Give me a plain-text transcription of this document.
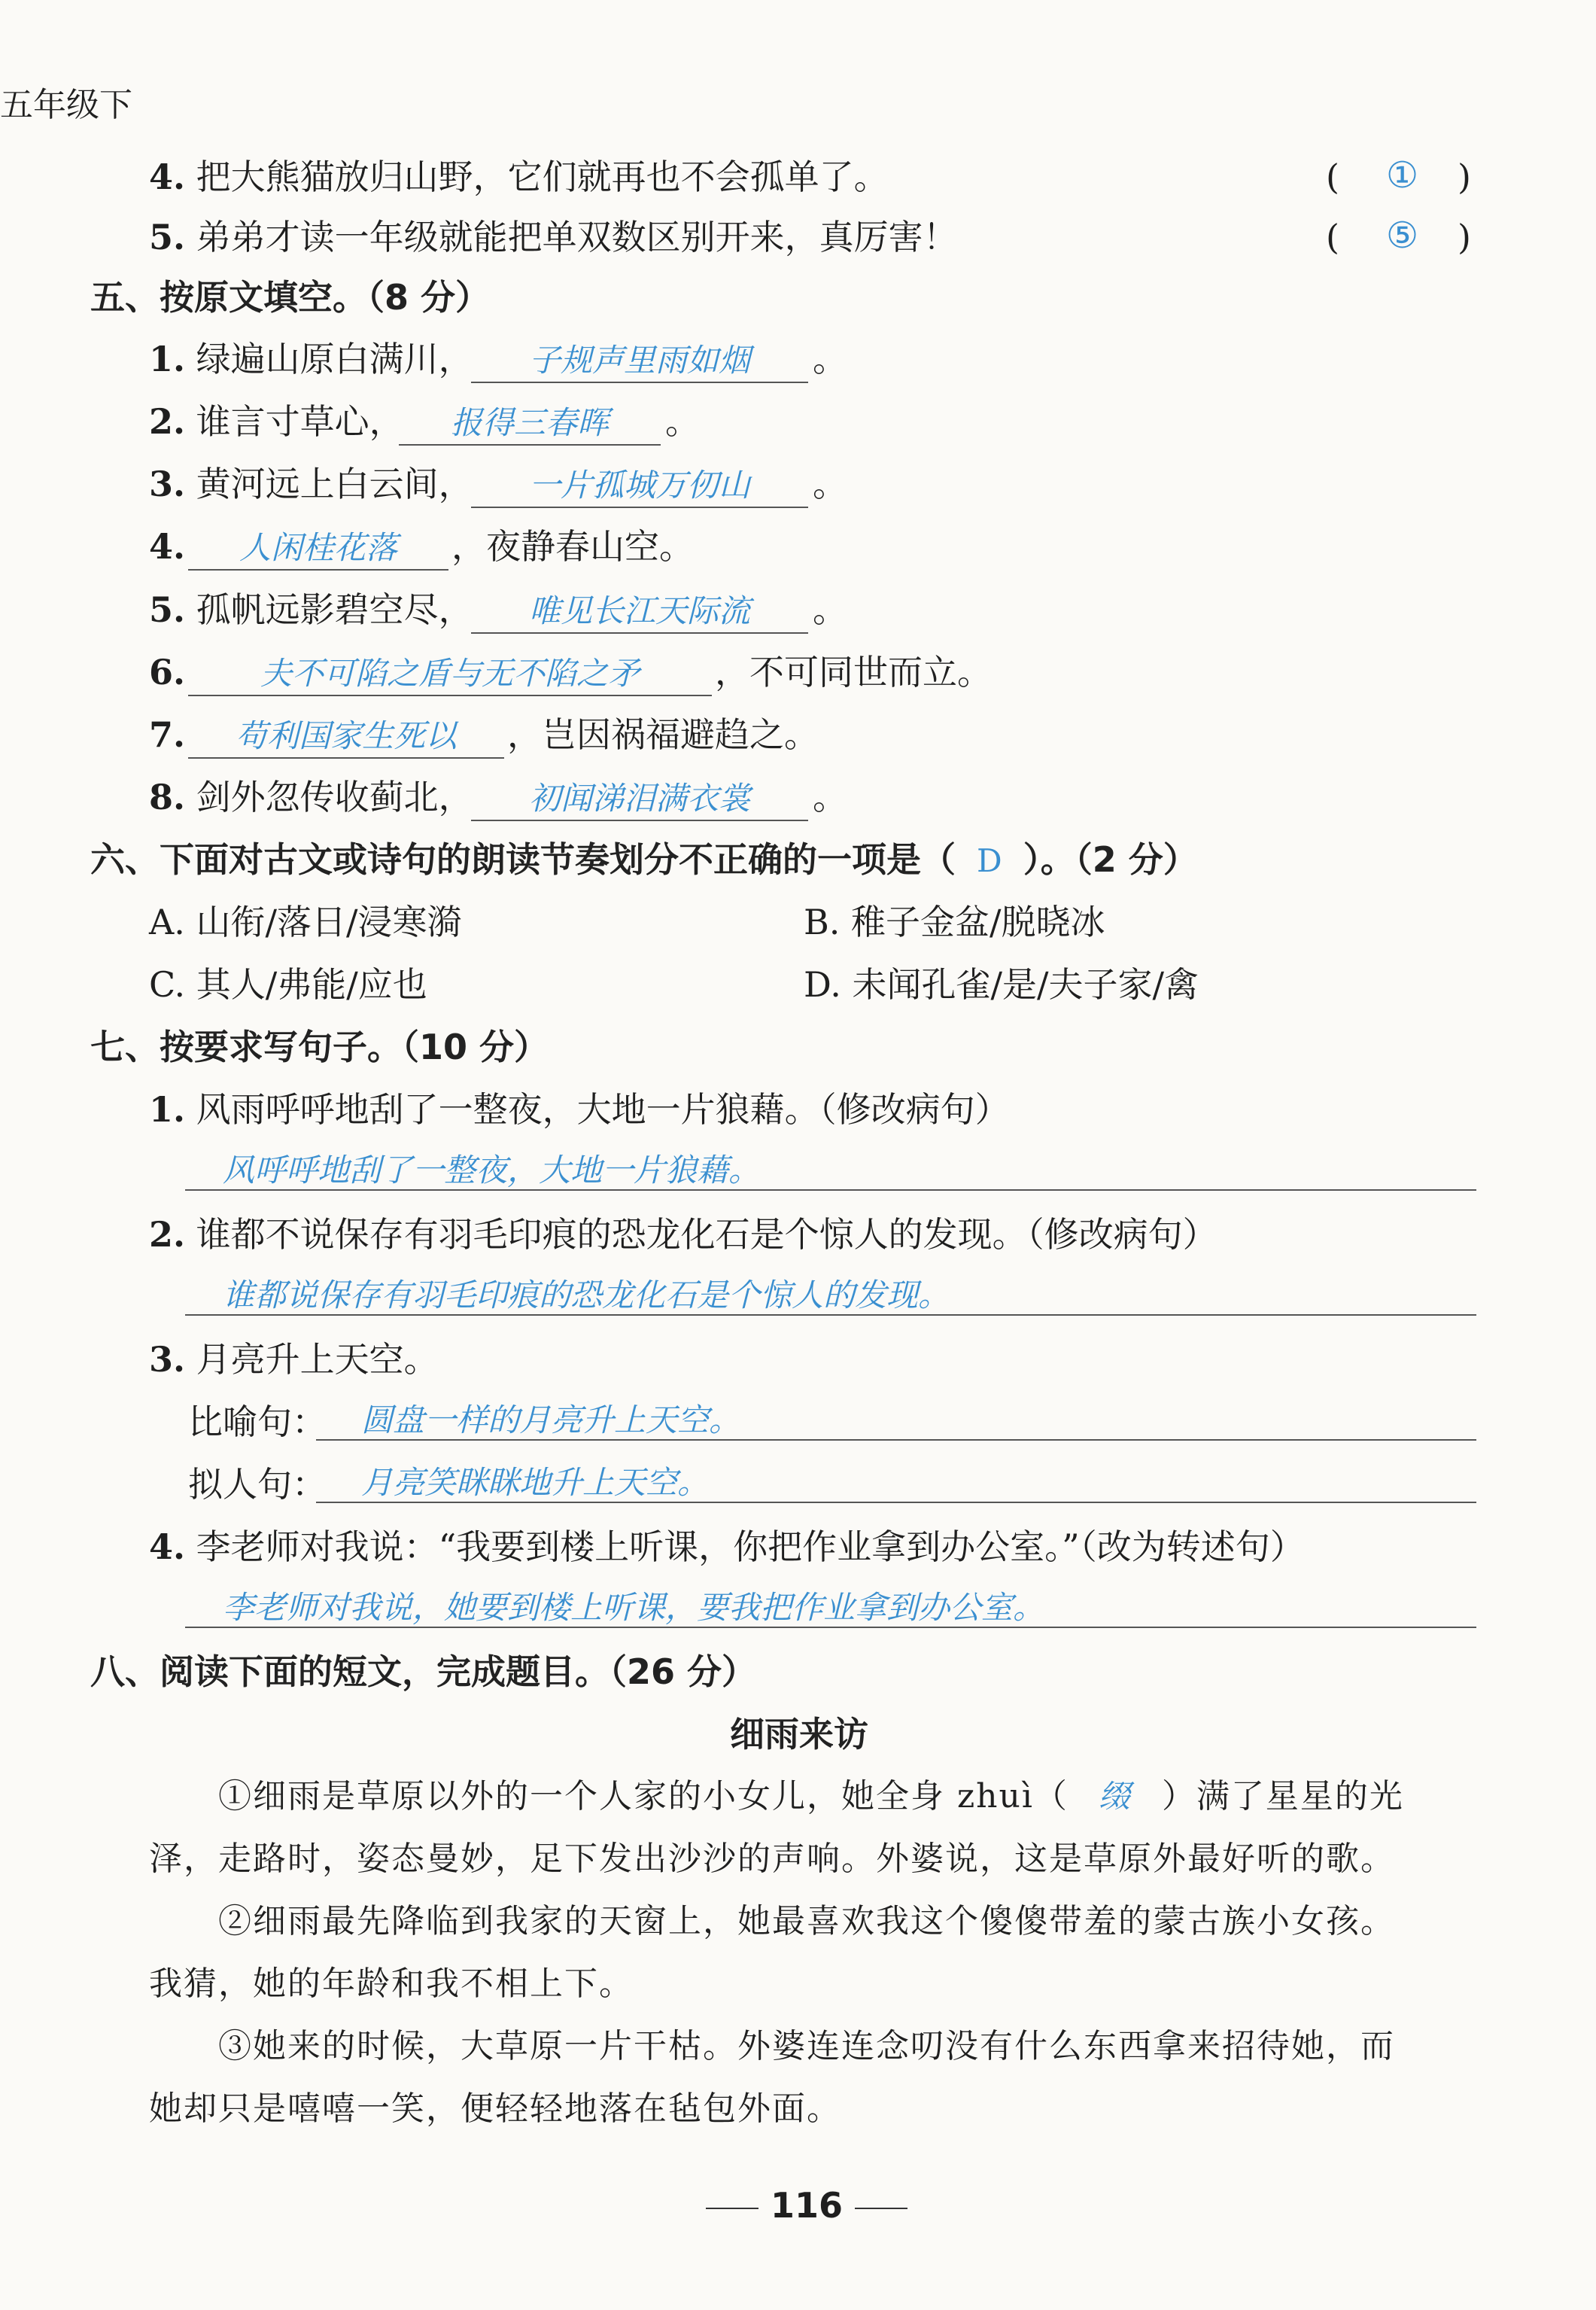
五年级下
4. 把大熊猫放归山野，它们就再也不会孤单了。	( ① )
5. 弟弟才读一年级就能把单双数区别开来，真厉害！	( ⑤ )
五、按原文填空。（8 分）
1. 绿遍山原白满川，	子规声里雨如烟	。
2. 谁言寸草心，	报得三春晖	。
3. 黄河远上白云间，	一片孤城万仞山	。
4.	人闲桂花落	，夜静春山空。
5. 孤帆远影碧空尽，	唯见长江天际流	。
6.	夫不可陷之盾与无不陷之矛	，不可同世而立。
7.	苟利国家生死以	，岂因祸福避趋之。
8. 剑外忽传收蓟北，	初闻涕泪满衣裳	。
六、下面对古文或诗句的朗读节奏划分不正确的一项是（ D ）。（2 分）
A. 山衔/落日/浸寒漪	B. 稚子金盆/脱晓冰
C. 其人/弗能/应也	D. 未闻孔雀/是/夫子家/禽
七、按要求写句子。（10 分）
1. 风雨呼呼地刮了一整夜，大地一片狼藉。（修改病句）
风呼呼地刮了一整夜，大地一片狼藉。
2. 谁都不说保存有羽毛印痕的恐龙化石是个惊人的发现。（修改病句）
谁都说保存有羽毛印痕的恐龙化石是个惊人的发现。
3. 月亮升上天空。
比喻句： 圆盘一样的月亮升上天空。
拟人句： 月亮笑眯眯地升上天空。
4. 李老师对我说：“我要到楼上听课，你把作业拿到办公室。”（改为转述句）
李老师对我说，她要到楼上听课，要我把作业拿到办公室。
八、阅读下面的短文，完成题目。（26 分）
细雨来访
①细雨是草原以外的一个人家的小女儿，她全身 zhuì（ 缀 ）满了星星的光
泽，走路时，姿态曼妙，足下发出沙沙的声响。外婆说，这是草原外最好听的歌。
②细雨最先降临到我家的天窗上，她最喜欢我这个傻傻带羞的蒙古族小女孩。
我猜，她的年龄和我不相上下。
③她来的时候，大草原一片干枯。外婆连连念叨没有什么东西拿来招待她，而
她却只是嘻嘻一笑，便轻轻地落在毡包外面。
116
